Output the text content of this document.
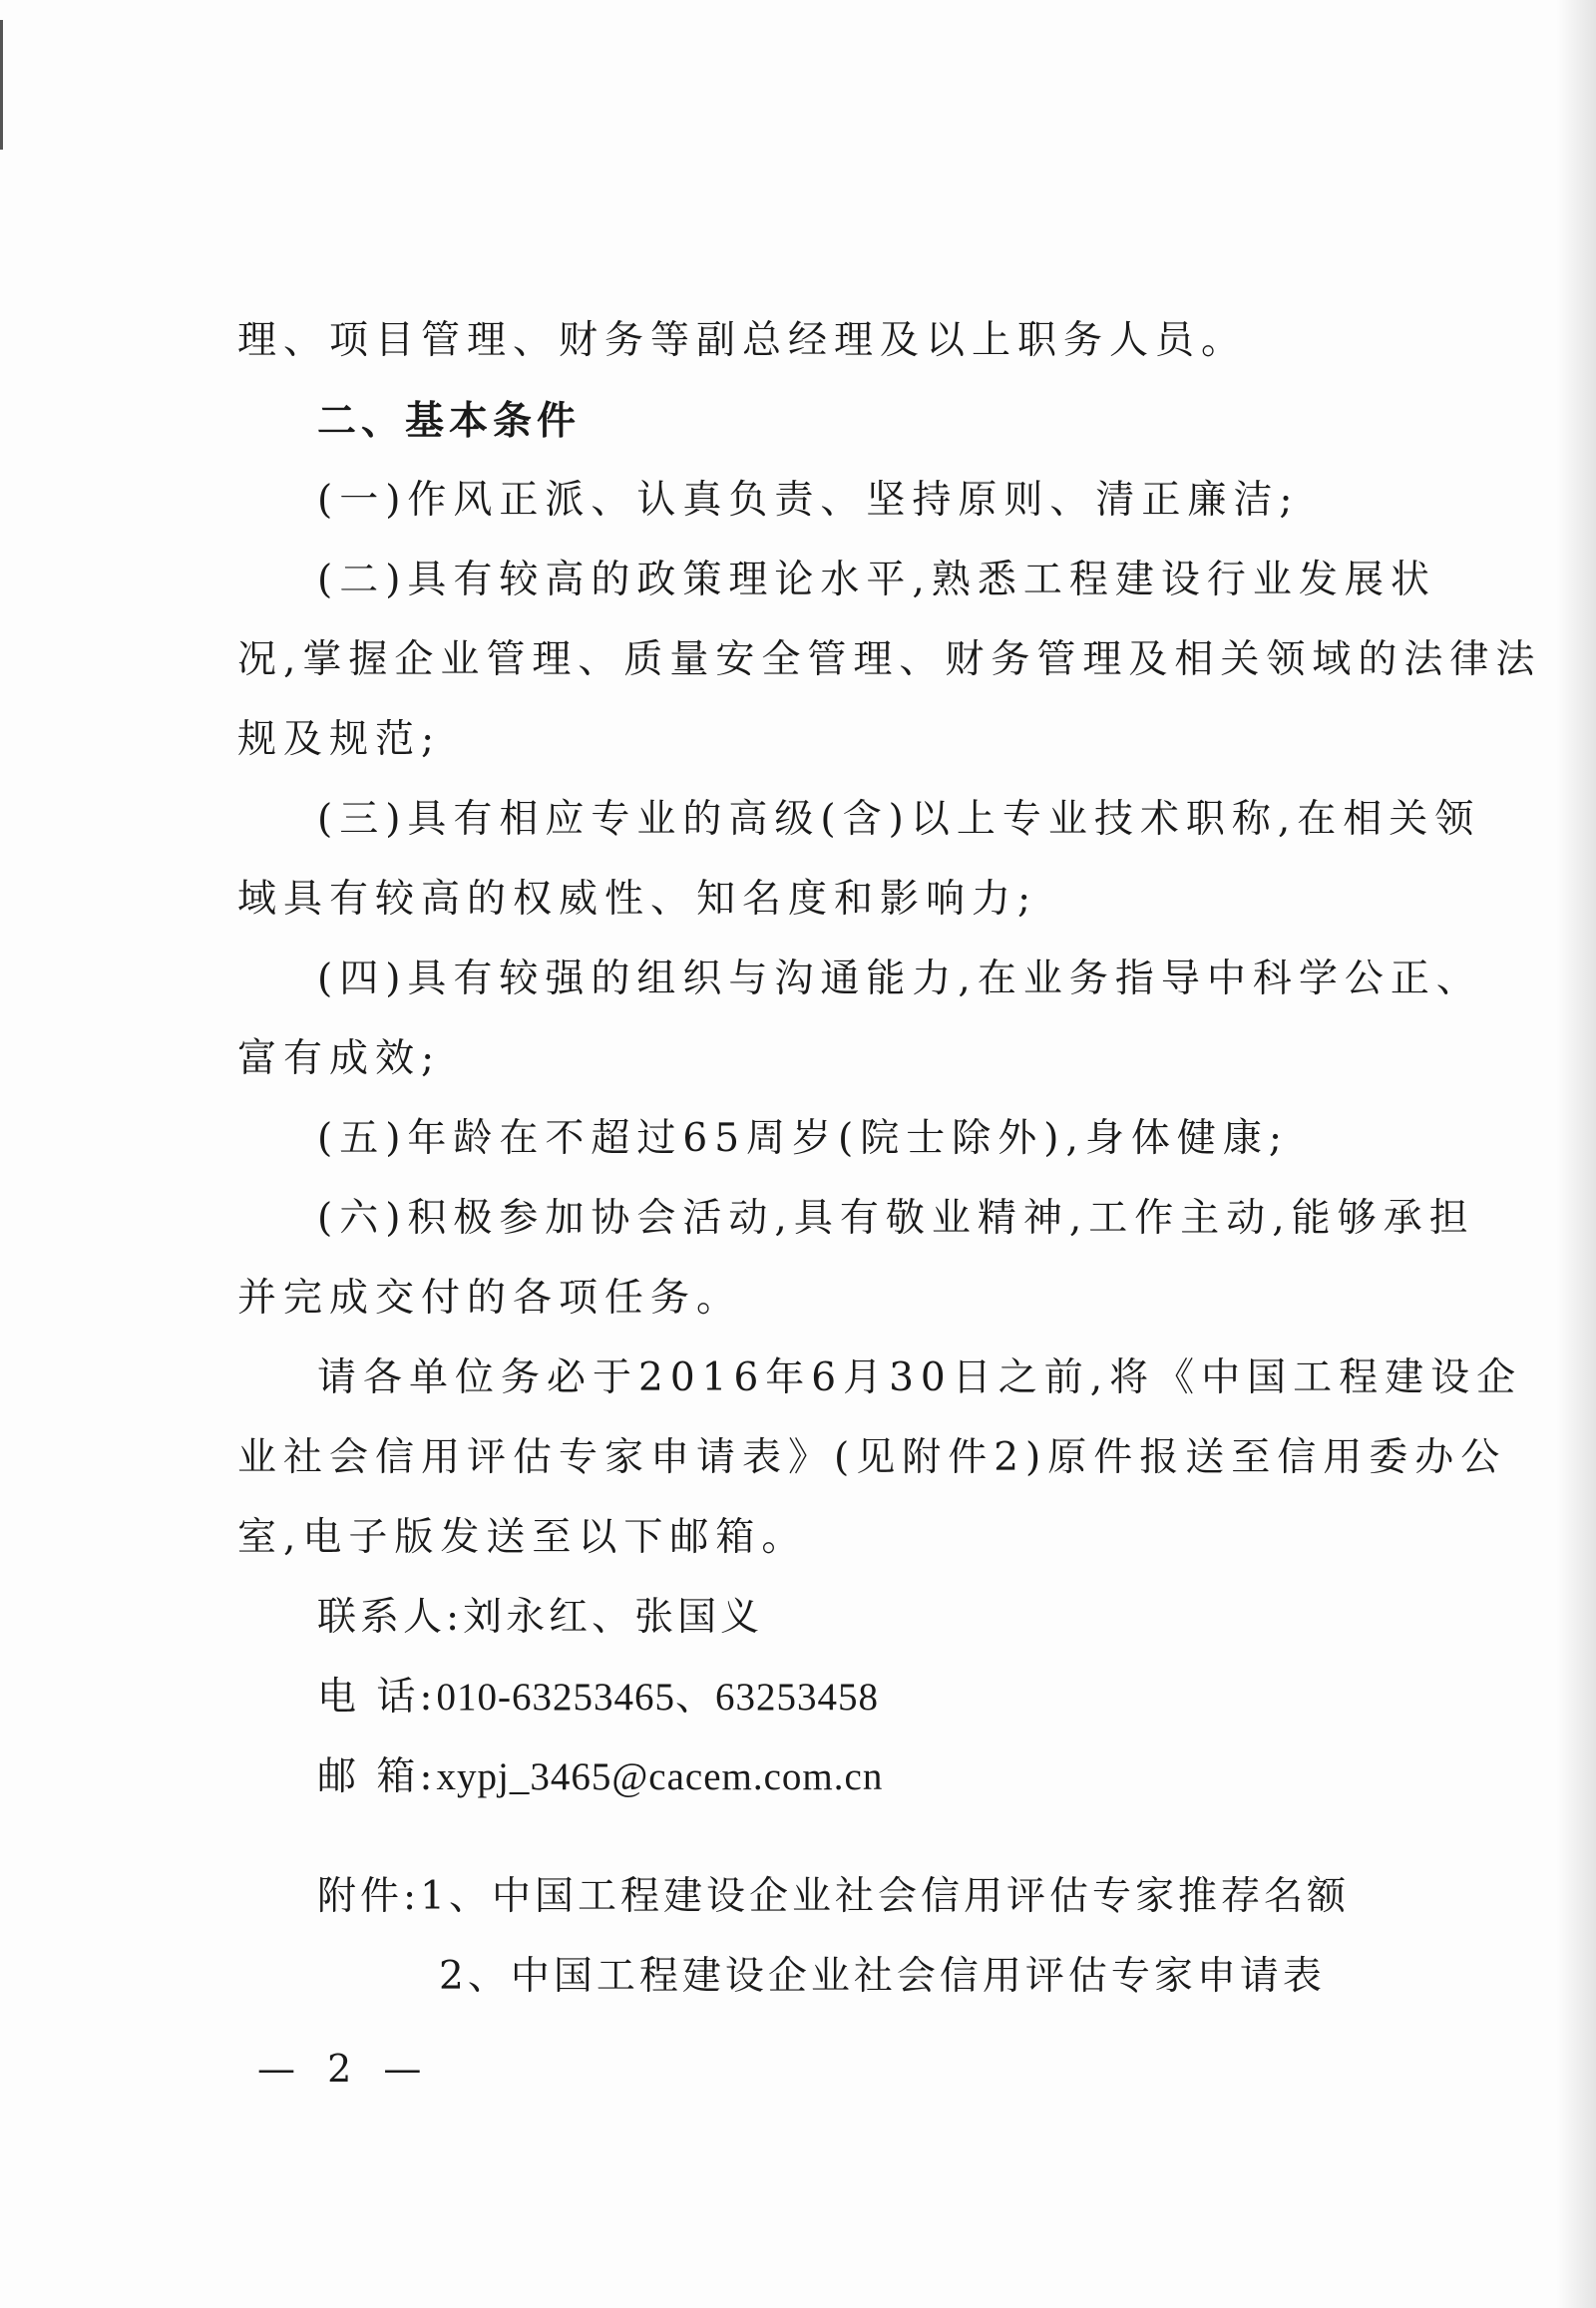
理、项目管理、财务等副总经理及以上职务人员。
二、基本条件
(一)作风正派、认真负责、坚持原则、清正廉洁;
(二)具有较高的政策理论水平,熟悉工程建设行业发展状
况,掌握企业管理、质量安全管理、财务管理及相关领域的法律法
规及规范;
(三)具有相应专业的高级(含)以上专业技术职称,在相关领
域具有较高的权威性、知名度和影响力;
(四)具有较强的组织与沟通能力,在业务指导中科学公正、
富有成效;
(五)年龄在不超过65周岁(院士除外),身体健康;
(六)积极参加协会活动,具有敬业精神,工作主动,能够承担
并完成交付的各项任务。
请各单位务必于2016年6月30日之前,将《中国工程建设企
业社会信用评估专家申请表》(见附件2)原件报送至信用委办公
室,电子版发送至以下邮箱。
联系人:刘永红、张国义
电 话:010-63253465、63253458
邮 箱:xypj_3465@cacem.com.cn
附件:1、中国工程建设企业社会信用评估专家推荐名额
2、中国工程建设企业社会信用评估专家申请表
— 2 —
